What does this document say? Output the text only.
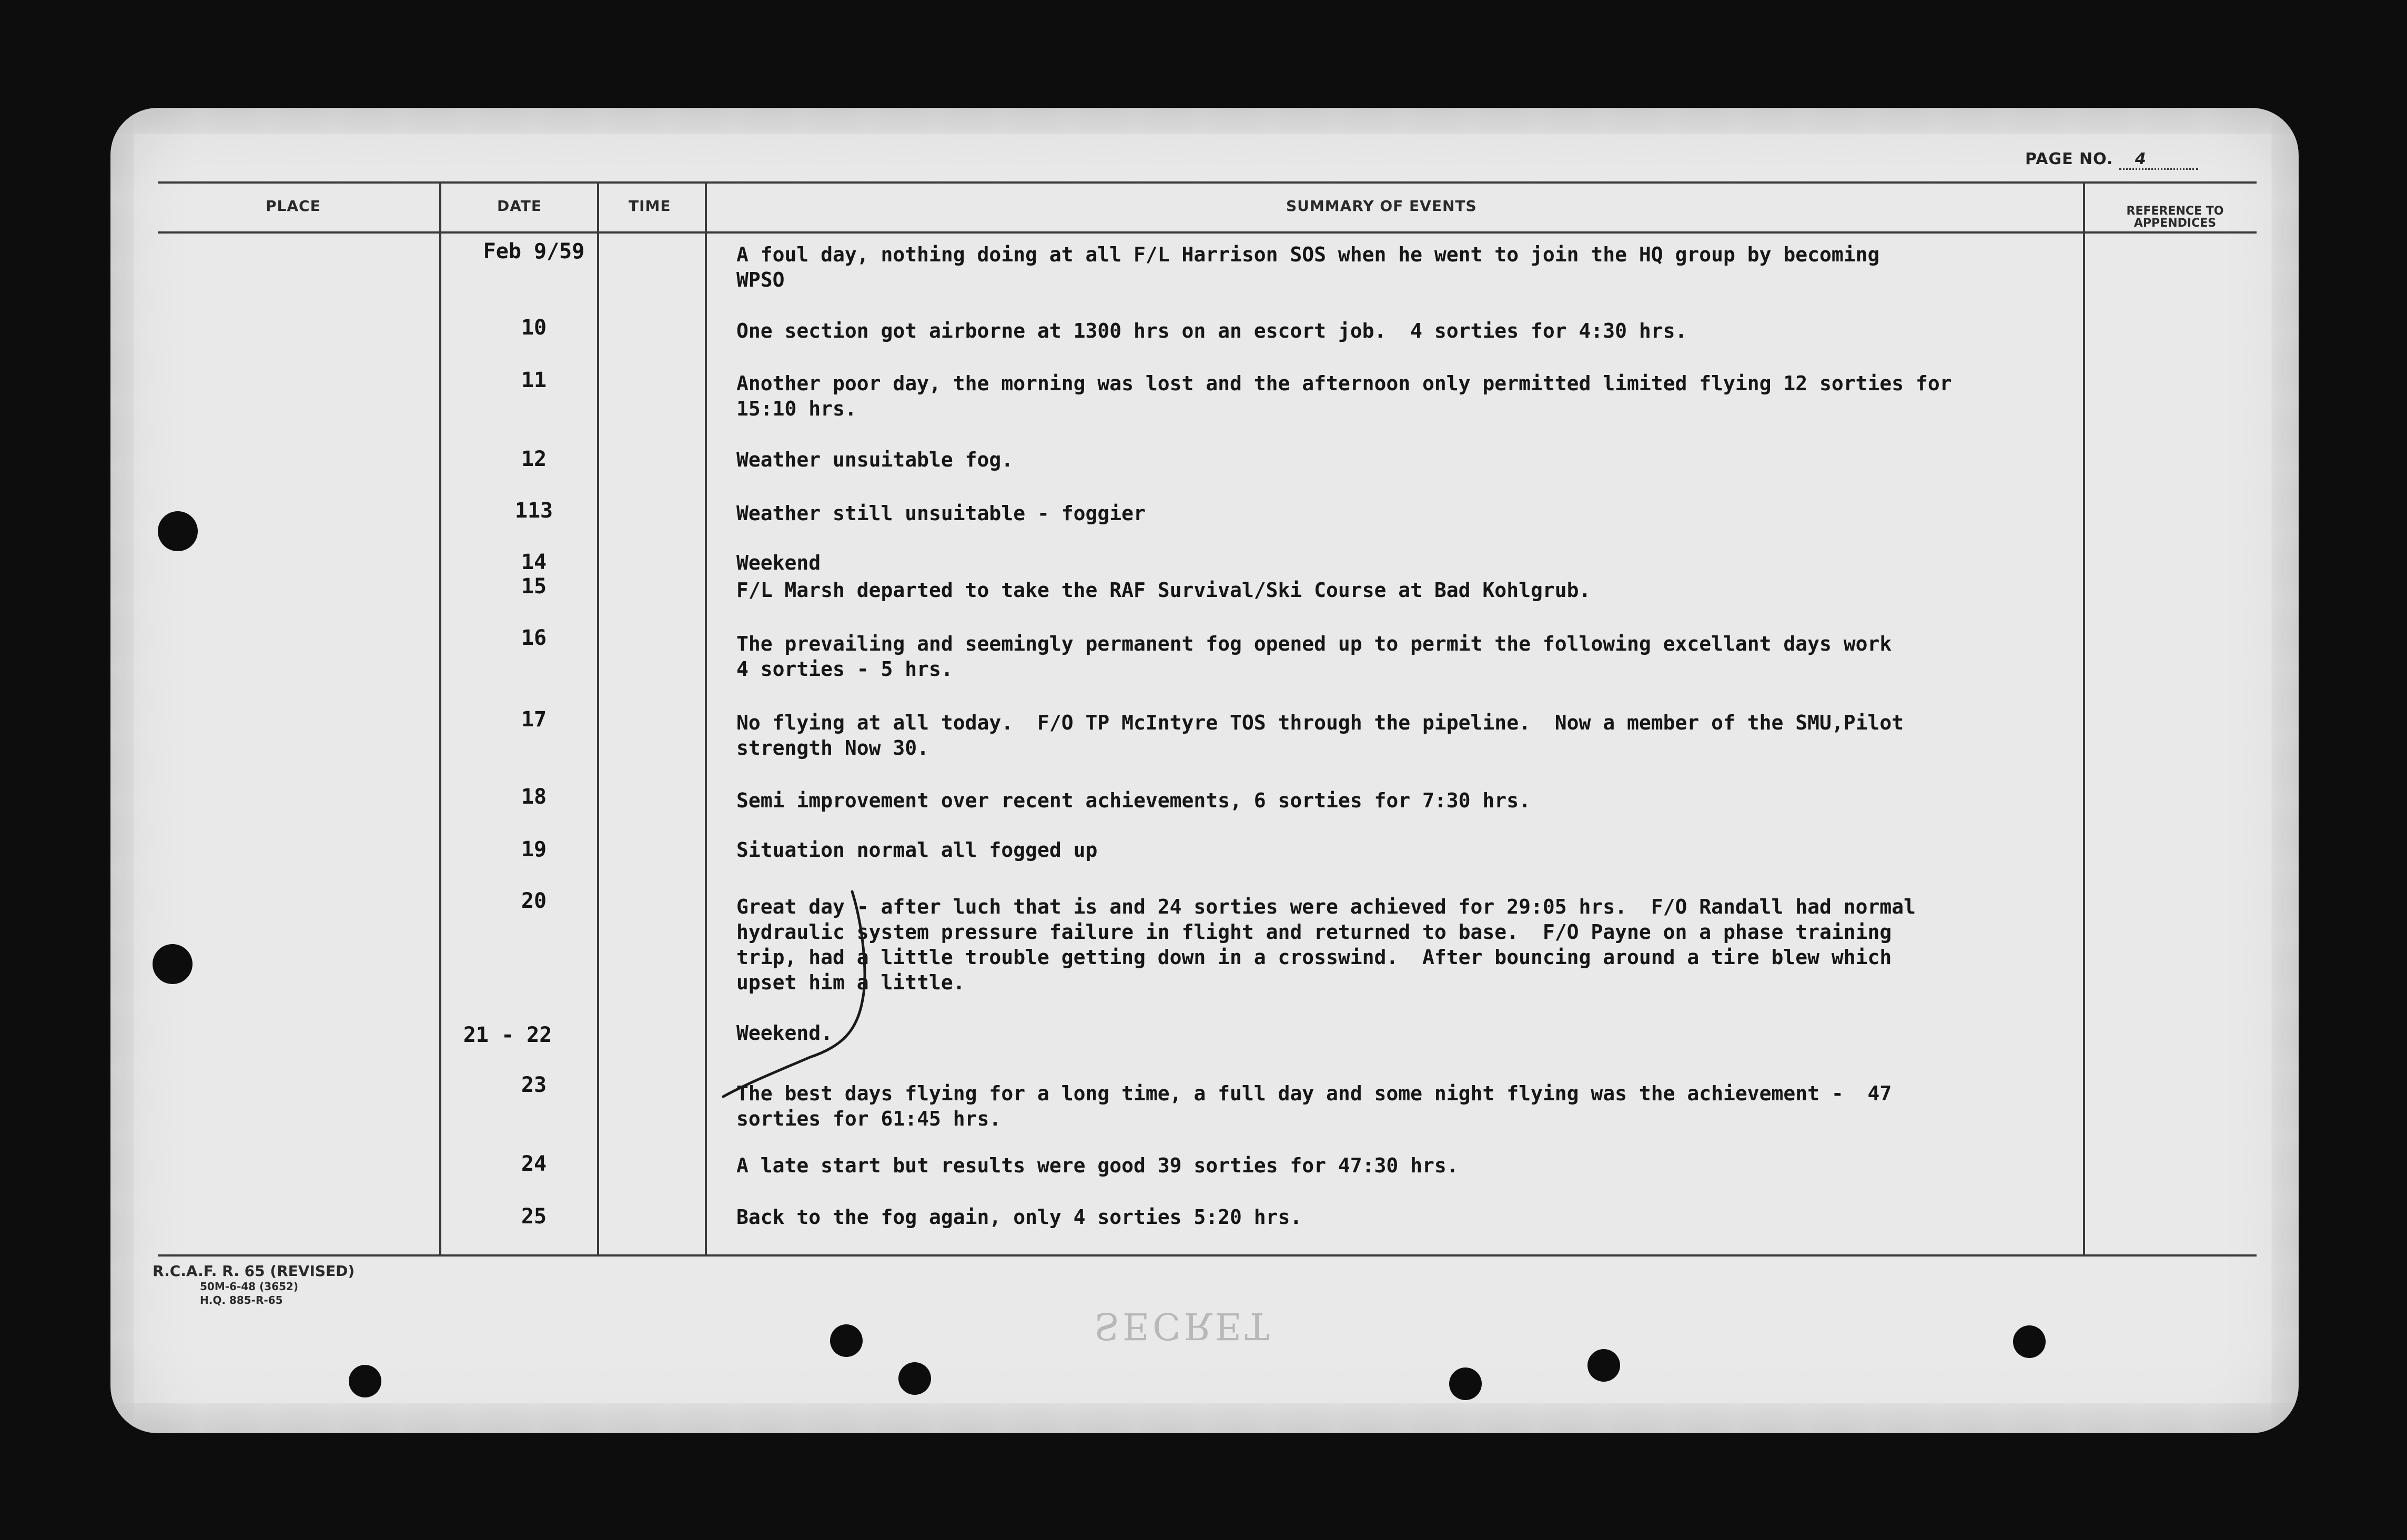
PAGE NO. 4
PLACE	DATE	TIME	SUMMARY OF EVENTS	REFERENCE TO APPENDICES
Feb 9/59	A foul day, nothing doing at all F/L Harrison SOS when he went to join the HQ group by becoming
WPSO
10	One section got airborne at 1300 hrs on an escort job.  4 sorties for 4:30 hrs.
11	Another poor day, the morning was lost and the afternoon only permitted limited flying 12 sorties for
15:10 hrs.
12	Weather unsuitable fog.
113	Weather still unsuitable - foggier
14	Weekend
15	F/L Marsh departed to take the RAF Survival/Ski Course at Bad Kohlgrub.
16	The prevailing and seemingly permanent fog opened up to permit the following excellant days work
4 sorties - 5 hrs.
17	No flying at all today.  F/O TP McIntyre TOS through the pipeline.  Now a member of the SMU,Pilot
strength Now 30.
18	Semi improvement over recent achievements, 6 sorties for 7:30 hrs.
19	Situation normal all fogged up
20	Great day - after luch that is and 24 sorties were achieved for 29:05 hrs.  F/O Randall had normal
hydraulic system pressure failure in flight and returned to base.  F/O Payne on a phase training
trip, had a little trouble getting down in a crosswind.  After bouncing around a tire blew which
upset him a little.
21 - 22	Weekend.
23	The best days flying for a long time, a full day and some night flying was the achievement -  47
sorties for 61:45 hrs.
24	A late start but results were good 39 sorties for 47:30 hrs.
25	Back to the fog again, only 4 sorties 5:20 hrs.
R.C.A.F. R. 65 (REVISED)
50M-6-48 (3652)
H.Q. 885-R-65
SECRET
